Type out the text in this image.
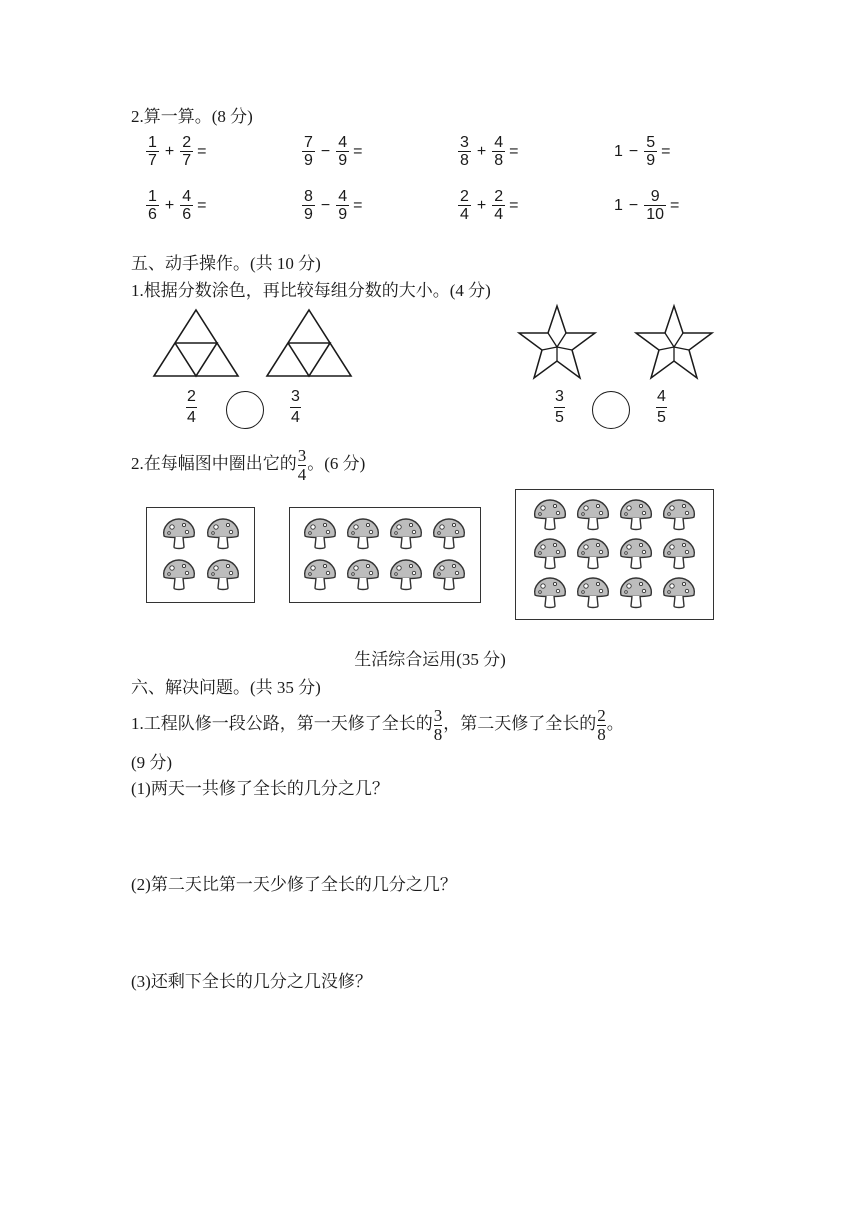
2.算一算。(8 分)
$\frac{1}{7} + \frac{2}{7}$ =	$\frac{7}{9} - \frac{4}{9}$ =	$\frac{3}{8} + \frac{4}{8}$ =	$1 - \frac{5}{9}$ =
$\frac{1}{6} + \frac{4}{6}$ =	$\frac{8}{9} - \frac{4}{9}$ =	$\frac{2}{4} + \frac{2}{4}$ =	$1 - \frac{9}{10}$ =
五、动手操作。(共 10 分)
1.根据分数涂色，再比较每组分数的大小。(4 分)
$\frac{2}{4}$	$\frac{3}{4}$	$\frac{3}{5}$	$\frac{4}{5}$
2.在每幅图中圈出它的 $\frac{3}{4}$ 。(6 分)
生活综合运用(35 分)
六、解决问题。(共 35 分)
1.工程队修一段公路，第一天修了全长的 $\frac{3}{8}$ ，第二天修了全长的 $\frac{2}{8}$ 。
(9 分)
(1)两天一共修了全长的几分之几？
(2)第二天比第一天少修了全长的几分之几？
(3)还剩下全长的几分之几没修？
